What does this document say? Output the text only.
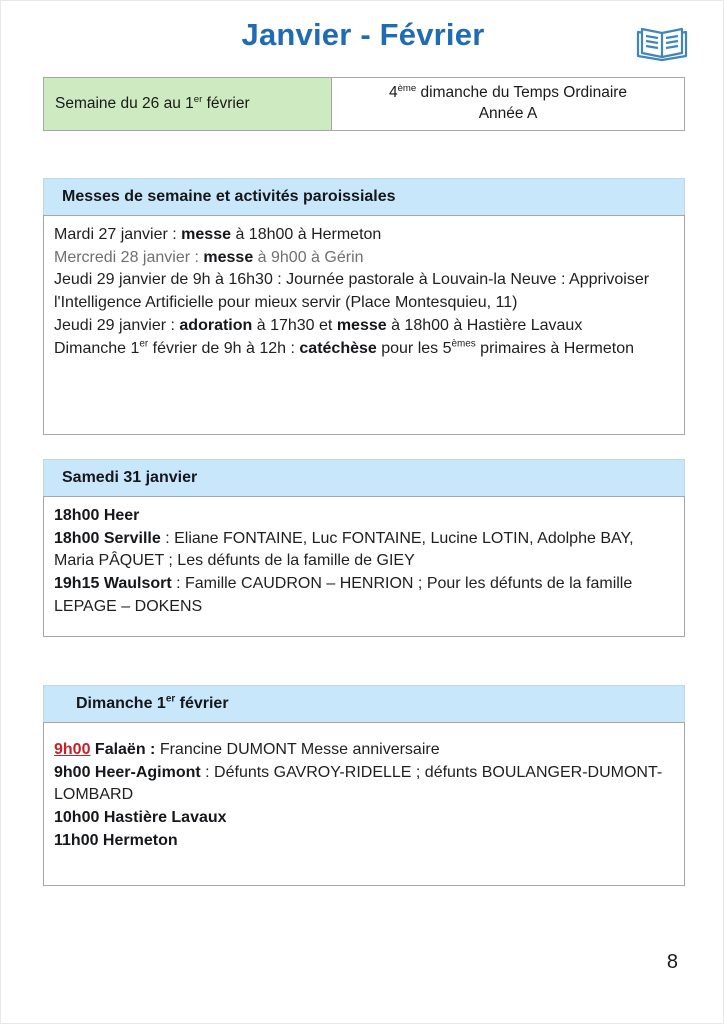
Janvier - Février
Semaine du 26 au 1er février
4ème dimanche du Temps Ordinaire
Année A
Messes de semaine et activités paroissiales
Mardi 27 janvier : messe à 18h00 à Hermeton
Mercredi 28 janvier : messe à 9h00 à Gérin
Jeudi 29 janvier de 9h à 16h30 : Journée pastorale à Louvain-la Neuve : Apprivoiser l'Intelligence Artificielle pour mieux servir (Place Montesquieu, 11)
Jeudi 29 janvier : adoration à 17h30 et messe à 18h00 à Hastière Lavaux
Dimanche 1er février de 9h à 12h : catéchèse pour les 5èmes primaires à Hermeton
Samedi 31 janvier
18h00 Heer
18h00 Serville : Eliane FONTAINE, Luc FONTAINE, Lucine LOTIN, Adolphe BAY, Maria PÂQUET ; Les défunts de la famille de GIEY
19h15 Waulsort : Famille CAUDRON – HENRION ; Pour les défunts de la famille LEPAGE – DOKENS
Dimanche 1er février
9h00 Falaën : Francine DUMONT Messe anniversaire
9h00 Heer-Agimont : Défunts GAVROY-RIDELLE ; défunts BOULANGER-DUMONT-LOMBARD
10h00 Hastière Lavaux
11h00 Hermeton
8
